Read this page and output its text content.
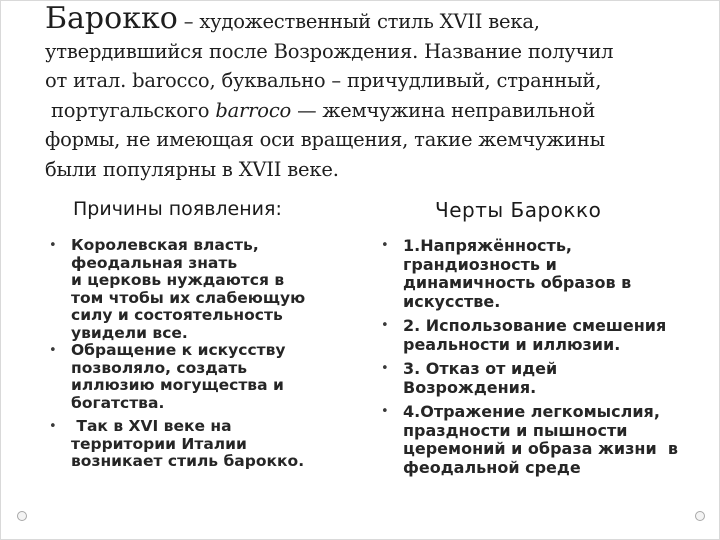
Барокко – художественный стиль XVII века,
утвердившийся после Возрождения. Название получил
от итал. barocco, буквально – причудливый, странный,
португальского barroco — жемчужина неправильной
формы, не имеющая оси вращения, такие жемчужины
были популярны в XVII веке.
Причины появления:	Черты Барокко
• Королевская власть,
феодальная знать
и церковь нуждаются в
том чтобы их слабеющую
силу и состоятельность
увидели все.
• Обращение к искусству
позволяло, создать
иллюзию могущества и
богатства.
• Так в XVI веке на
территории Италии
возникает стиль барокко.
• 1.Напряжённость,
грандиозность и
динамичность образов в
искусстве.
• 2. Использование смешения
реальности и иллюзии.
• 3. Отказ от идей
Возрождения.
• 4.Отражение легкомыслия,
праздности и пышности
церемоний и образа жизни  в
феодальной среде
